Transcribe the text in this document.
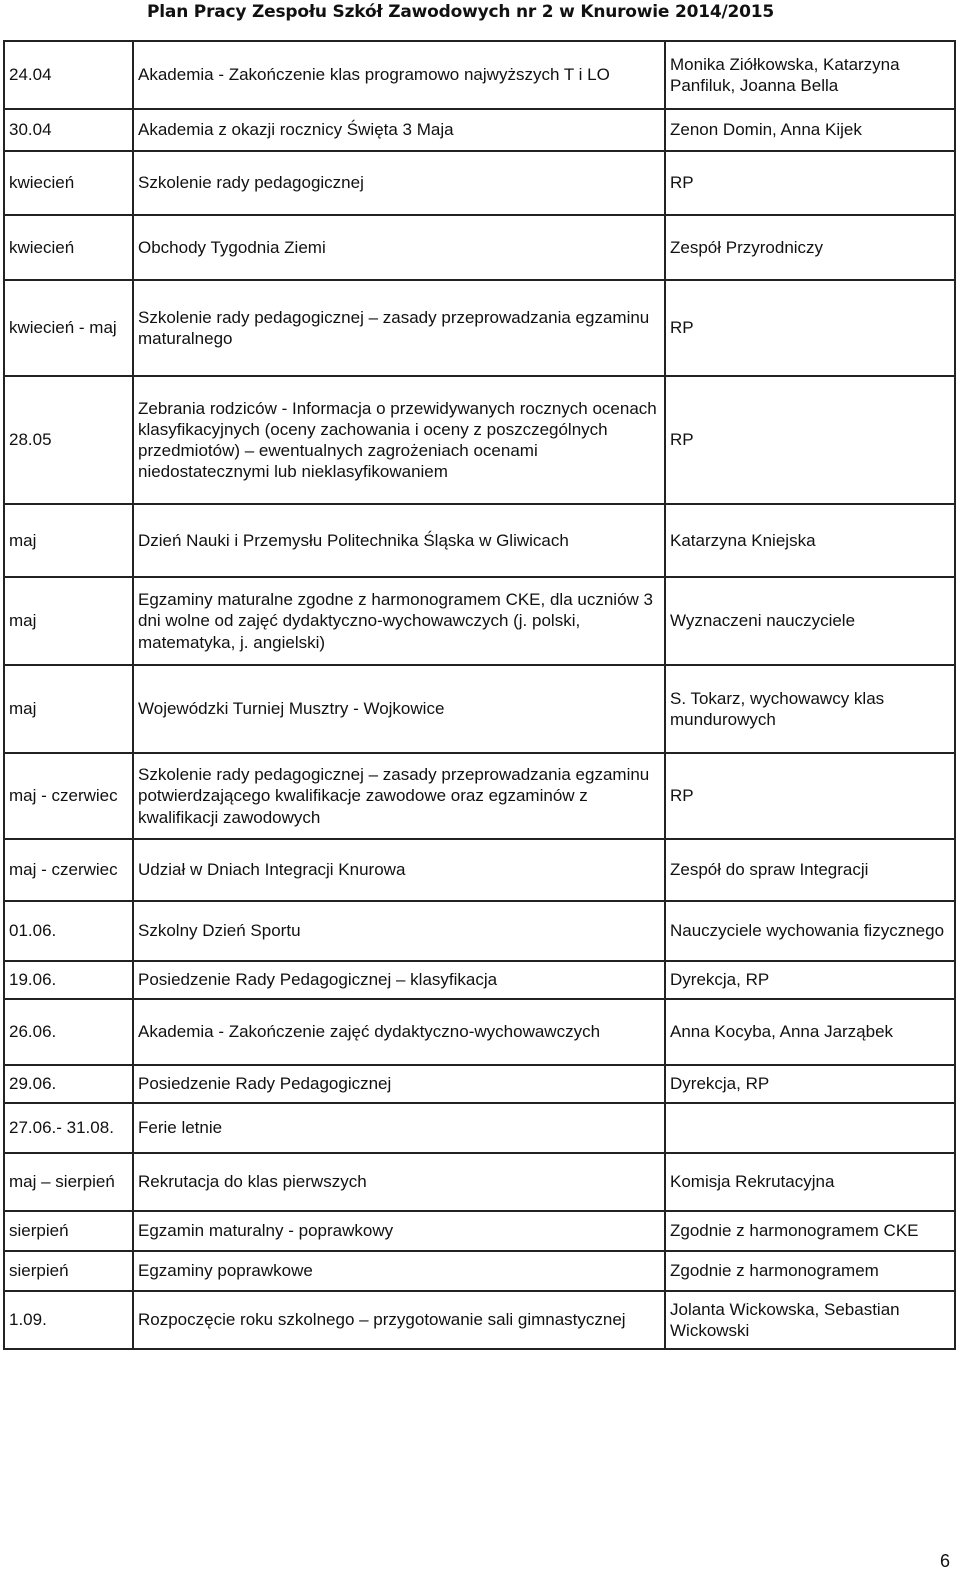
Plan Pracy Zespołu Szkół Zawodowych nr 2 w Knurowie 2014/2015
24.04	Akademia - Zakończenie klas programowo najwyższych T i LO	Monika Ziółkowska, Katarzyna Panfiluk, Joanna Bella
30.04	Akademia z okazji rocznicy Święta 3 Maja	Zenon Domin, Anna Kijek
kwiecień	Szkolenie rady pedagogicznej	RP
kwiecień	Obchody Tygodnia Ziemi	Zespół Przyrodniczy
kwiecień - maj	Szkolenie rady pedagogicznej – zasady przeprowadzania egzaminu maturalnego	RP
28.05	Zebrania rodziców - Informacja o przewidywanych rocznych ocenach klasyfikacyjnych (oceny zachowania i oceny z poszczególnych przedmiotów) – ewentualnych zagrożeniach ocenami niedostatecznymi lub nieklasyfikowaniem	RP
maj	Dzień Nauki i Przemysłu Politechnika Śląska w Gliwicach	Katarzyna Kniejska
maj	Egzaminy maturalne zgodne z harmonogramem CKE, dla uczniów 3 dni wolne od zajęć dydaktyczno-wychowawczych (j. polski, matematyka, j. angielski)	Wyznaczeni nauczyciele
maj	Wojewódzki Turniej Musztry - Wojkowice	S. Tokarz, wychowawcy klas mundurowych
maj - czerwiec	Szkolenie rady pedagogicznej – zasady przeprowadzania egzaminu potwierdzającego kwalifikacje zawodowe oraz egzaminów z kwalifikacji zawodowych	RP
maj - czerwiec	Udział w Dniach Integracji Knurowa	Zespół do spraw Integracji
01.06.	Szkolny Dzień Sportu	Nauczyciele wychowania fizycznego
19.06.	Posiedzenie Rady Pedagogicznej – klasyfikacja	Dyrekcja, RP
26.06.	Akademia - Zakończenie zajęć dydaktyczno-wychowawczych	Anna Kocyba, Anna Jarząbek
29.06.	Posiedzenie Rady Pedagogicznej	Dyrekcja, RP
27.06.- 31.08.	Ferie letnie	
maj – sierpień	Rekrutacja do klas pierwszych	Komisja Rekrutacyjna
sierpień	Egzamin maturalny - poprawkowy	Zgodnie z harmonogramem CKE
sierpień	Egzaminy poprawkowe	Zgodnie z harmonogramem
1.09.	Rozpoczęcie roku szkolnego – przygotowanie sali gimnastycznej	Jolanta Wickowska, Sebastian Wickowski
6
